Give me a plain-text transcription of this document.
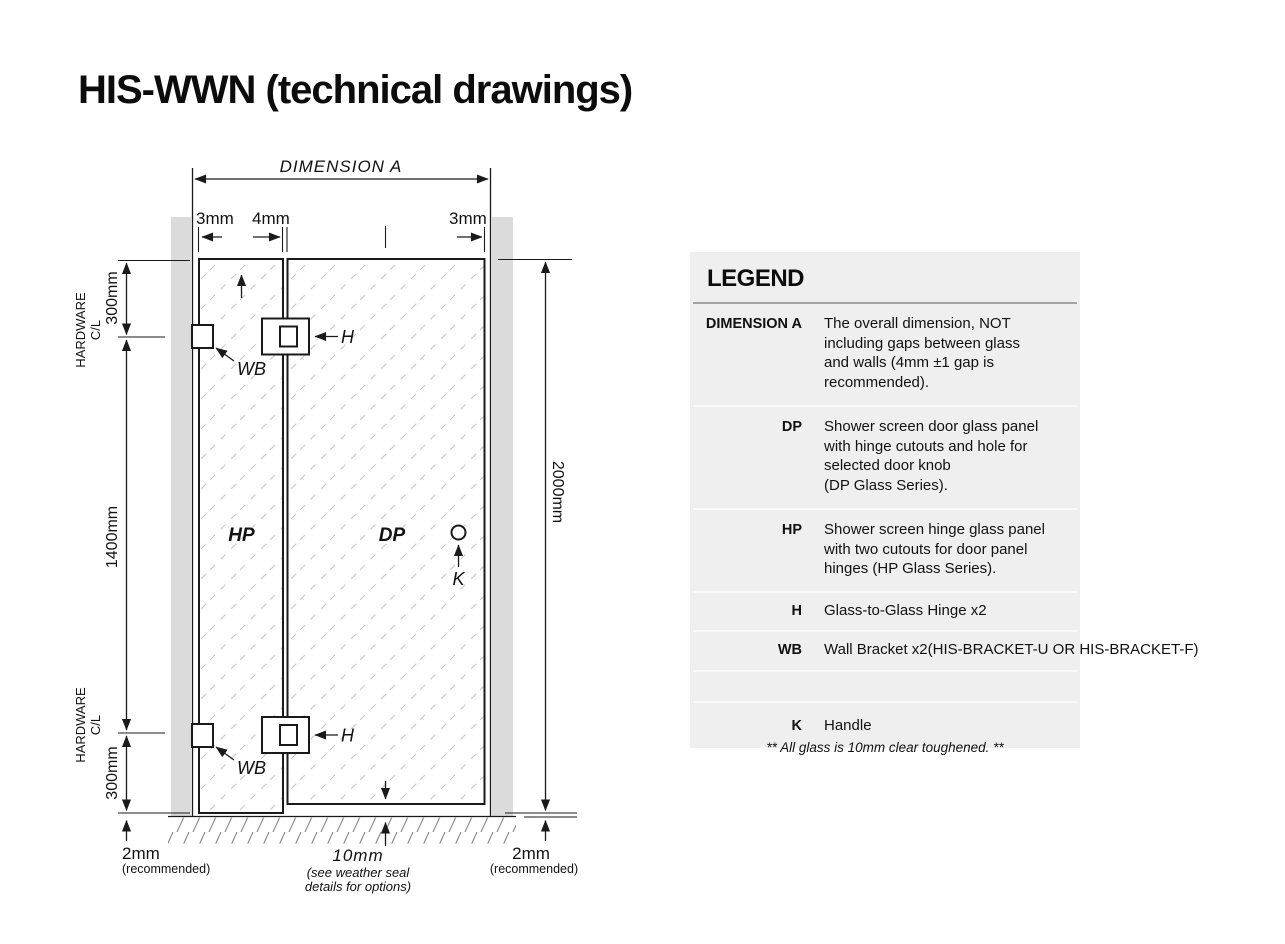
HIS-WWN (technical drawings)
DIMENSION A
3mm 4mm	3mm
300mm
C/L
HARDWARE
1400mm
C/L
HARDWARE
300mm
2mm
(recommended)
2000mm
2mm
(recommended)
10mm
(see weather seal
details for options)
H
H
WB
WB
HP	DP
K
LEGEND
DIMENSION A The overall dimension, NOT
including gaps between glass
and walls (4mm ±1 gap is
recommended).
DP Shower screen door glass panel
with hinge cutouts and hole for
selected door knob
(DP Glass Series).
HP Shower screen hinge glass panel
with two cutouts for door panel
hinges (HP Glass Series).
H Glass-to-Glass Hinge x2
WB Wall Bracket x2(HIS-BRACKET-U OR HIS-BRACKET-F)
K Handle
** All glass is 10mm clear toughened. **
